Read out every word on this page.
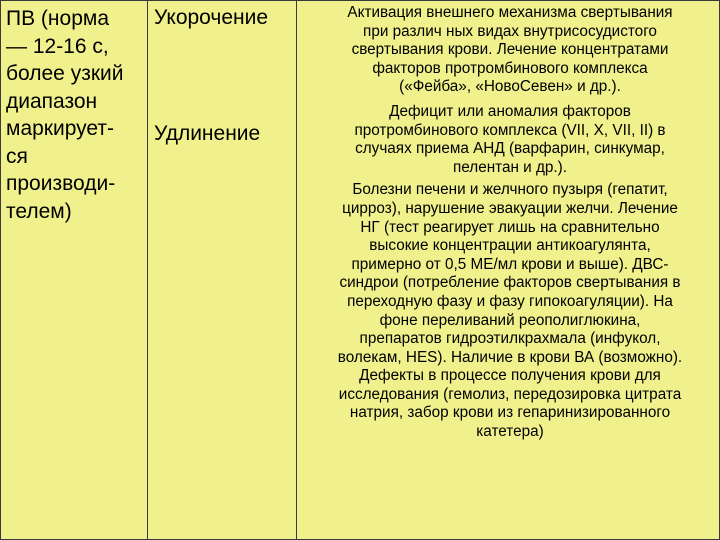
ПВ (норма
— 12-16 с,
более узкий
диапазон
маркирует-
ся
производи-
телем)
Укорочение
Удлинение

Активация внешнего механизма свертывания
при различ ных видах внутрисосудистого
свертывания крови. Лечение концентратами
факторов протромбинового комплекса
(«Фейба», «НовоСевен» и др.).

Дефицит или аномалия факторов
протромбинового комплекса (VII, X, VII, II) в
случаях приема АНД (варфарин, синкумар,
пелентан и др.).

Болезни печени и желчного пузыря (гепатит,
цирроз), нарушение эвакуации желчи. Лечение
НГ (тест реагирует лишь на сравнительно
высокие концентрации антикоагулянта,
примерно от 0,5 МЕ/мл крови и выше). ДВС-
синдрои (потребление факторов свертывания в
переходную фазу и фазу гипокоагуляции). На
фоне переливаний реополиглюкина,
препаратов гидроэтилкрахмала (инфукол,
волекам, HES). Наличие в крови ВА (возможно).
Дефекты в процессе получения крови для
исследования (гемолиз, передозировка цитрата
натрия, забор крови из гепаринизированного
катетера)
